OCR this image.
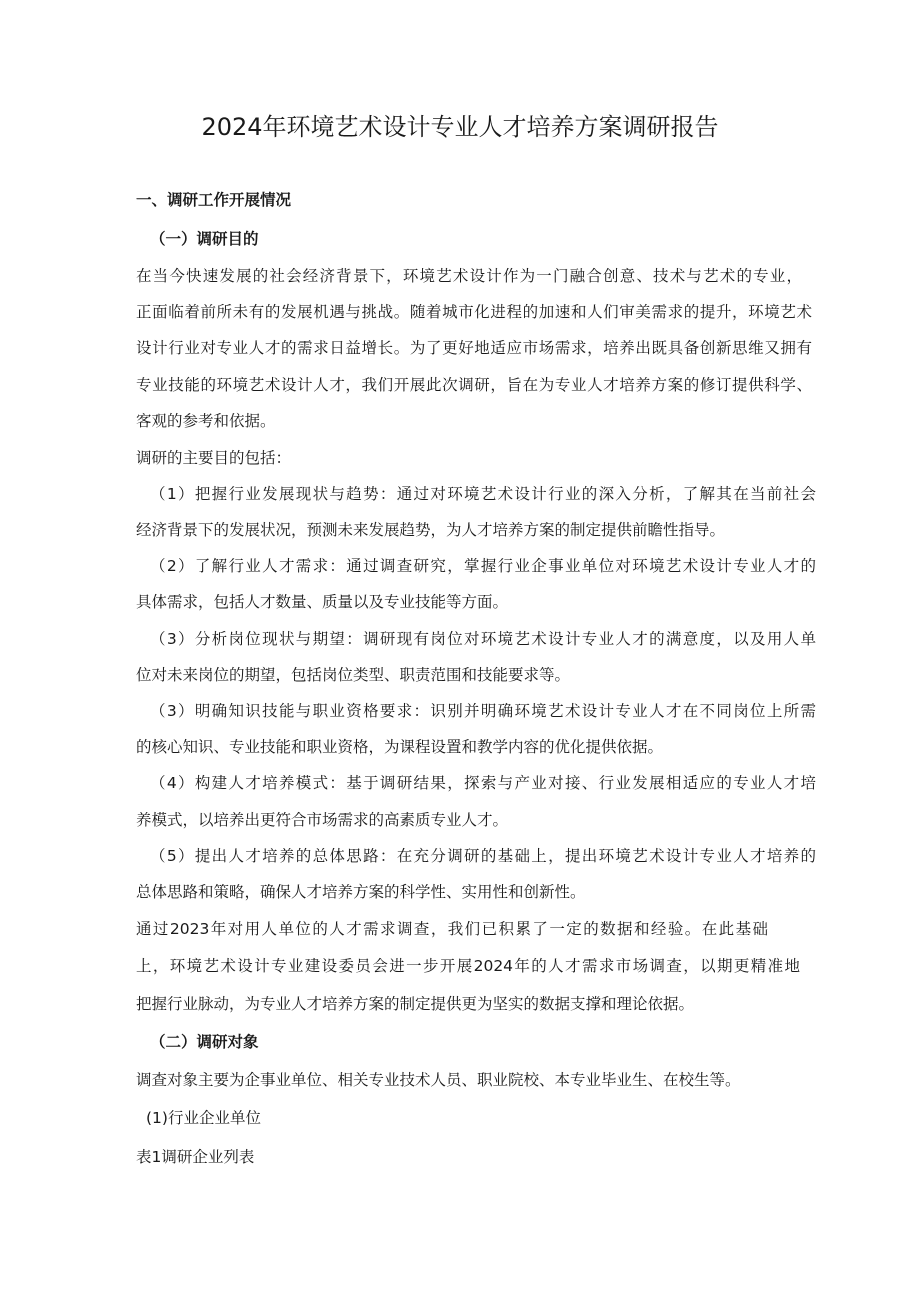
2024年环境艺术设计专业人才培养方案调研报告

一、调研工作开展情况

（一）调研目的

在当今快速发展的社会经济背景下，环境艺术设计作为一门融合创意、技术与艺术的专业，

正面临着前所未有的发展机遇与挑战。随着城市化进程的加速和人们审美需求的提升，环境艺术

设计行业对专业人才的需求日益增长。为了更好地适应市场需求，培养出既具备创新思维又拥有

专业技能的环境艺术设计人才，我们开展此次调研，旨在为专业人才培养方案的修订提供科学、

客观的参考和依据。

调研的主要目的包括：

（1）把握行业发展现状与趋势：通过对环境艺术设计行业的深入分析，了解其在当前社会

经济背景下的发展状况，预测未来发展趋势，为人才培养方案的制定提供前瞻性指导。

（2）了解行业人才需求：通过调查研究，掌握行业企事业单位对环境艺术设计专业人才的

具体需求，包括人才数量、质量以及专业技能等方面。

（3）分析岗位现状与期望：调研现有岗位对环境艺术设计专业人才的满意度，以及用人单

位对未来岗位的期望，包括岗位类型、职责范围和技能要求等。

（3）明确知识技能与职业资格要求：识别并明确环境艺术设计专业人才在不同岗位上所需

的核心知识、专业技能和职业资格，为课程设置和教学内容的优化提供依据。

（4）构建人才培养模式：基于调研结果，探索与产业对接、行业发展相适应的专业人才培

养模式，以培养出更符合市场需求的高素质专业人才。

（5）提出人才培养的总体思路：在充分调研的基础上，提出环境艺术设计专业人才培养的

总体思路和策略，确保人才培养方案的科学性、实用性和创新性。

通过2023年对用人单位的人才需求调查，我们已积累了一定的数据和经验。在此基础

上，环境艺术设计专业建设委员会进一步开展2024年的人才需求市场调查，以期更精准地

把握行业脉动，为专业人才培养方案的制定提供更为坚实的数据支撑和理论依据。

（二）调研对象

调查对象主要为企事业单位、相关专业技术人员、职业院校、本专业毕业生、在校生等。

(1)行业企业单位

表1调研企业列表
